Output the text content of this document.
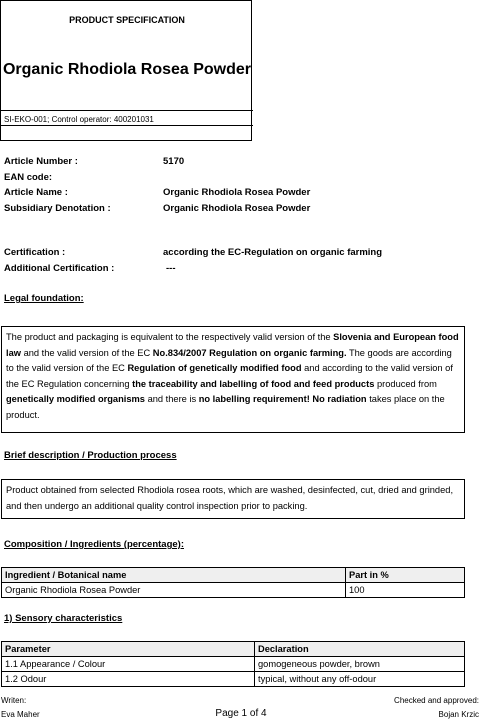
PRODUCT SPECIFICATION
Organic Rhodiola Rosea Powder
SI-EKO-001; Control operator: 400201031
Article Number :	5170
EAN code:
Article Name :	Organic Rhodiola Rosea Powder
Subsidiary Denotation :	Organic Rhodiola Rosea Powder
Certification :	according the EC-Regulation on organic farming
Additional Certification :	---
Legal foundation:
The product and packaging is equivalent to the respectively valid version of the Slovenia and European food law and the valid version of the EC No.834/2007 Regulation on organic farming. The goods are according to the valid version of the EC Regulation of genetically modified food and according to the valid version of the EC Regulation concerning the traceability and labelling of food and feed products produced from genetically modified organisms and there is no labelling requirement! No radiation takes place on the product.
Brief description / Production process
Product obtained from selected Rhodiola rosea roots, which are washed, desinfected, cut, dried and grinded, and then undergo an additional quality control inspection prior to packing.
Composition / Ingredients (percentage):
Ingredient / Botanical name	Part in %
Organic Rhodiola Rosea Powder	100
1) Sensory characteristics
Parameter	Declaration
1.1 Appearance / Colour	gomogeneous powder, brown
1.2 Odour	typical, without any off-odour
Writen:
Eva Maher	Page 1 of 4
Checked and approved:
Bojan Krzic
